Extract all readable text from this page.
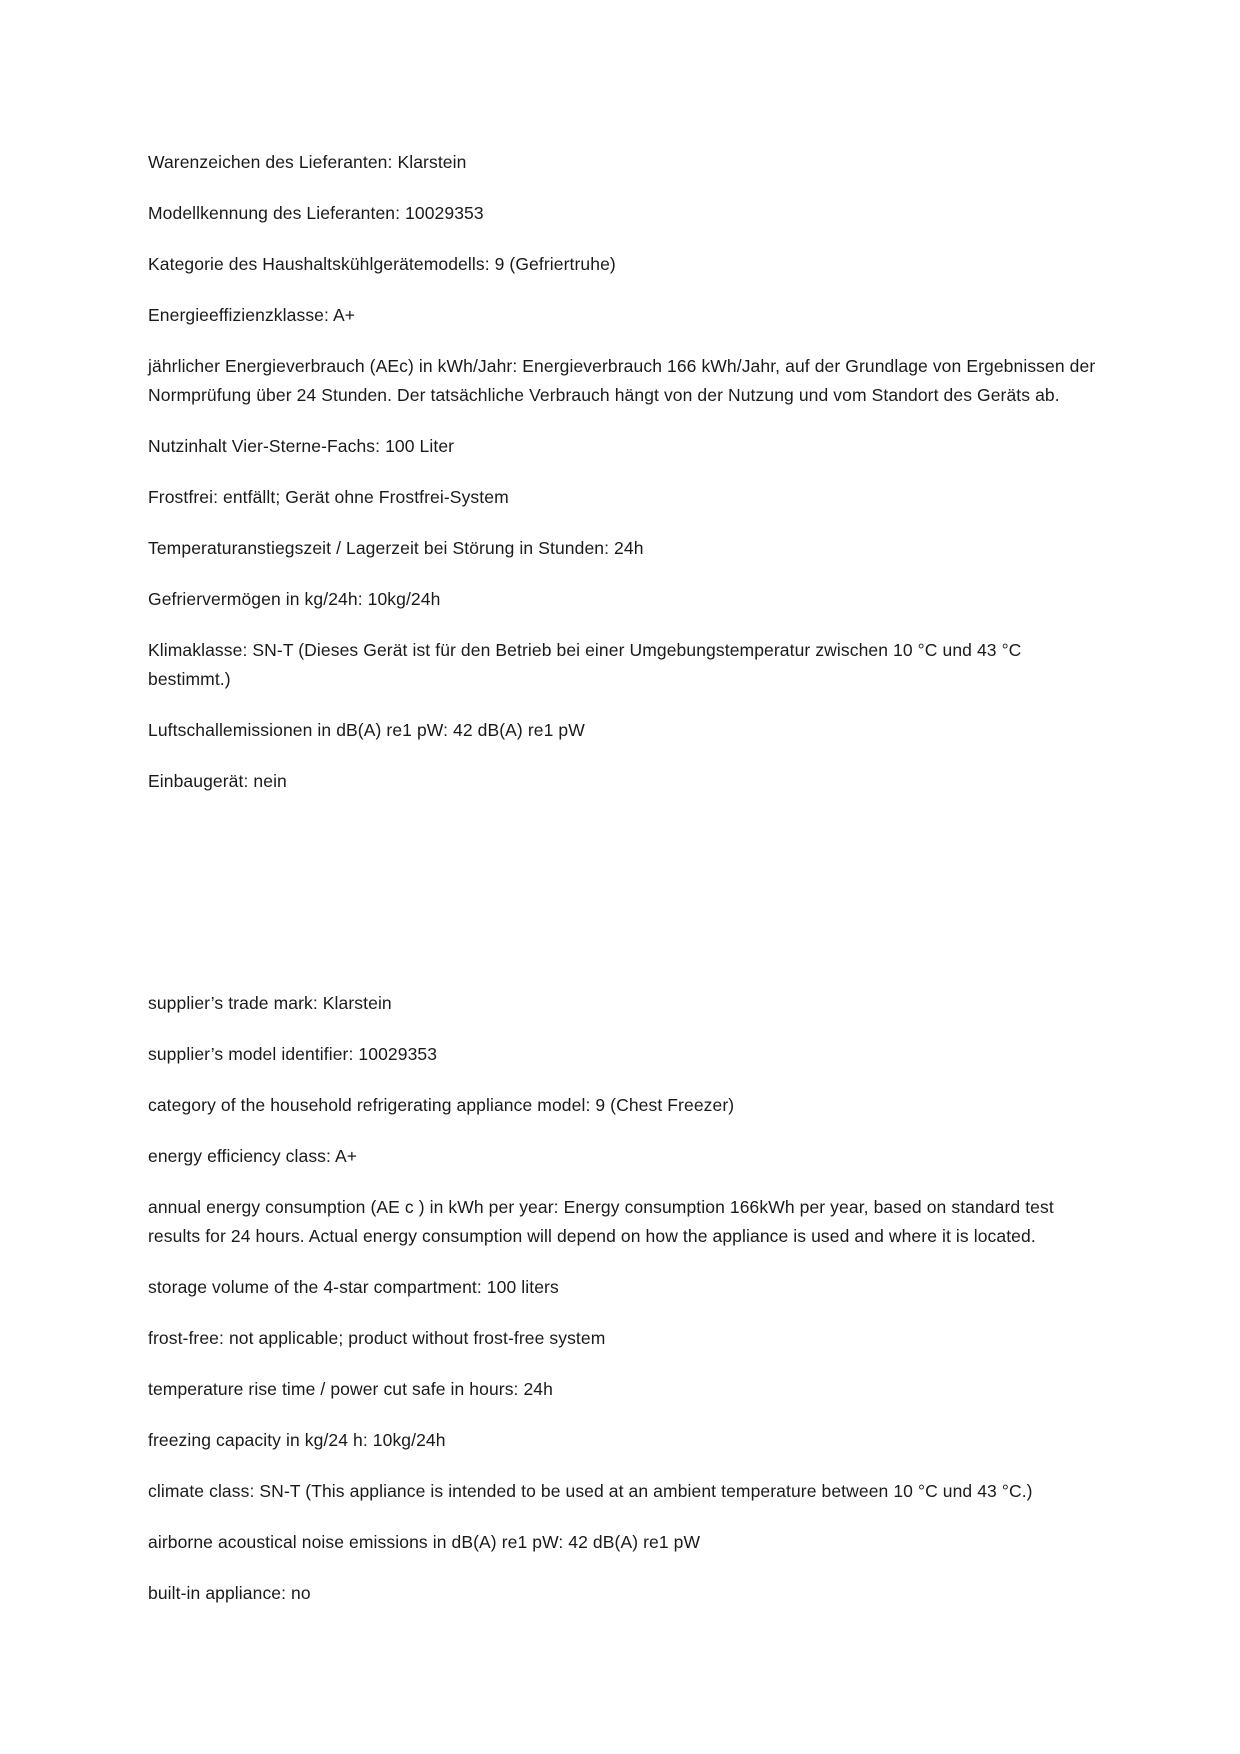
Warenzeichen des Lieferanten: Klarstein

Modellkennung des Lieferanten: 10029353

Kategorie des Haushaltskühlgerätemodells: 9 (Gefriertruhe)

Energieeffizienzklasse: A+

jährlicher Energieverbrauch (AEc) in kWh/Jahr: Energieverbrauch 166 kWh/Jahr, auf der Grundlage von Ergebnissen der Normprüfung über 24 Stunden. Der tatsächliche Verbrauch hängt von der Nutzung und vom Standort des Geräts ab.

Nutzinhalt Vier-Sterne-Fachs: 100 Liter

Frostfrei: entfällt; Gerät ohne Frostfrei-System

Temperaturanstiegszeit / Lagerzeit bei Störung in Stunden: 24h

Gefriervermögen in kg/24h: 10kg/24h

Klimaklasse: SN-T (Dieses Gerät ist für den Betrieb bei einer Umgebungstemperatur zwischen 10 °C und 43 °C bestimmt.)

Luftschallemissionen in dB(A) re1 pW: 42 dB(A) re1 pW

Einbaugerät: nein

supplier’s trade mark: Klarstein

supplier’s model identifier: 10029353

category of the household refrigerating appliance model: 9 (Chest Freezer)

energy efficiency class: A+

annual energy consumption (AE c ) in kWh per year: Energy consumption 166kWh per year, based on standard test results for 24 hours. Actual energy consumption will depend on how the appliance is used and where it is located.

storage volume of the 4-star compartment: 100 liters

frost-free: not applicable; product without frost-free system

temperature rise time / power cut safe in hours: 24h

freezing capacity in kg/24 h: 10kg/24h

climate class: SN-T (This appliance is intended to be used at an ambient temperature between 10 °C und 43 °C.)

airborne acoustical noise emissions in dB(A) re1 pW: 42 dB(A) re1 pW

built-in appliance: no
